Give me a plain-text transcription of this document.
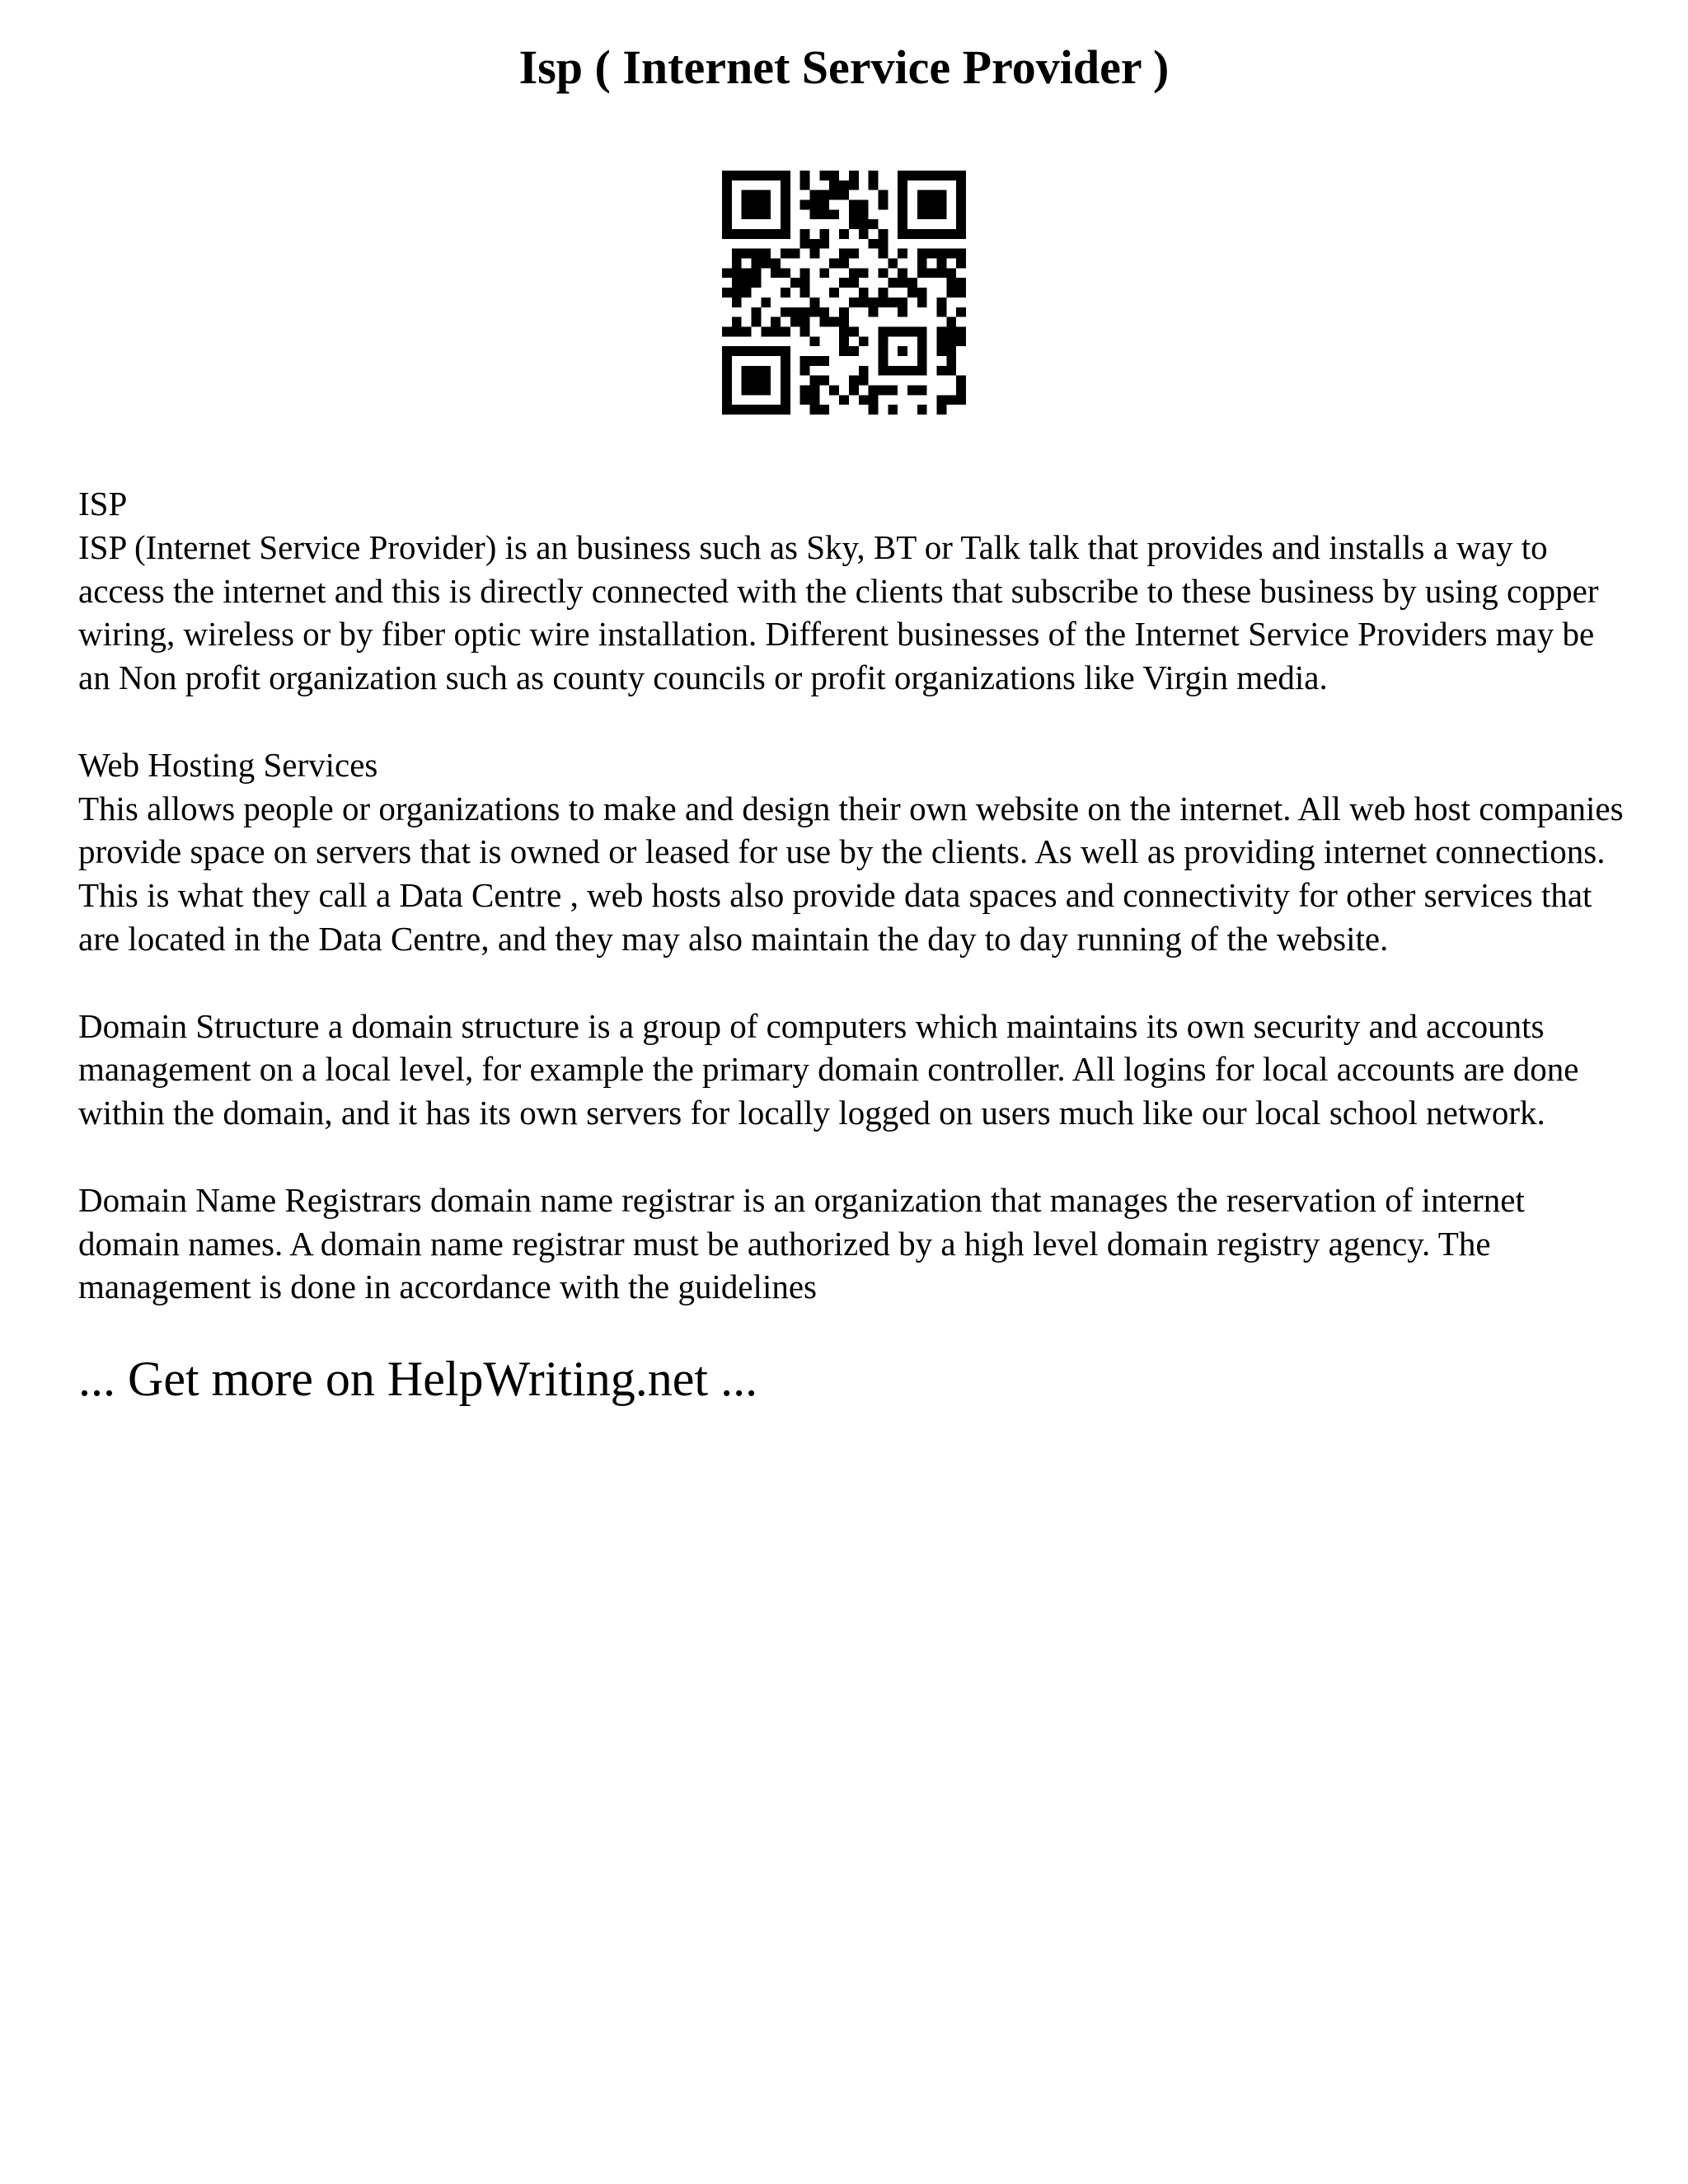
Isp ( Internet Service Provider )

ISP

ISP (Internet Service Provider) is an business such as Sky, BT or Talk talk that provides and installs a way to access the internet and this is directly connected with the clients that subscribe to these business by using copper wiring, wireless or by fiber optic wire installation. Different businesses of the Internet Service Providers may be an Non profit organization such as county councils or profit organizations like Virgin media.

Web Hosting Services

This allows people or organizations to make and design their own website on the internet. All web host companies provide space on servers that is owned or leased for use by the clients. As well as providing internet connections. This is what they call a Data Centre , web hosts also provide data spaces and connectivity for other services that are located in the Data Centre, and they may also maintain the day to day running of the website.

Domain Structure a domain structure is a group of computers which maintains its own security and accounts management on a local level, for example the primary domain controller. All logins for local accounts are done within the domain, and it has its own servers for locally logged on users much like our local school network.

Domain Name Registrars domain name registrar is an organization that manages the reservation of internet domain names. A domain name registrar must be authorized by a high level domain registry agency. The management is done in accordance with the guidelines

... Get more on HelpWriting.net ...
